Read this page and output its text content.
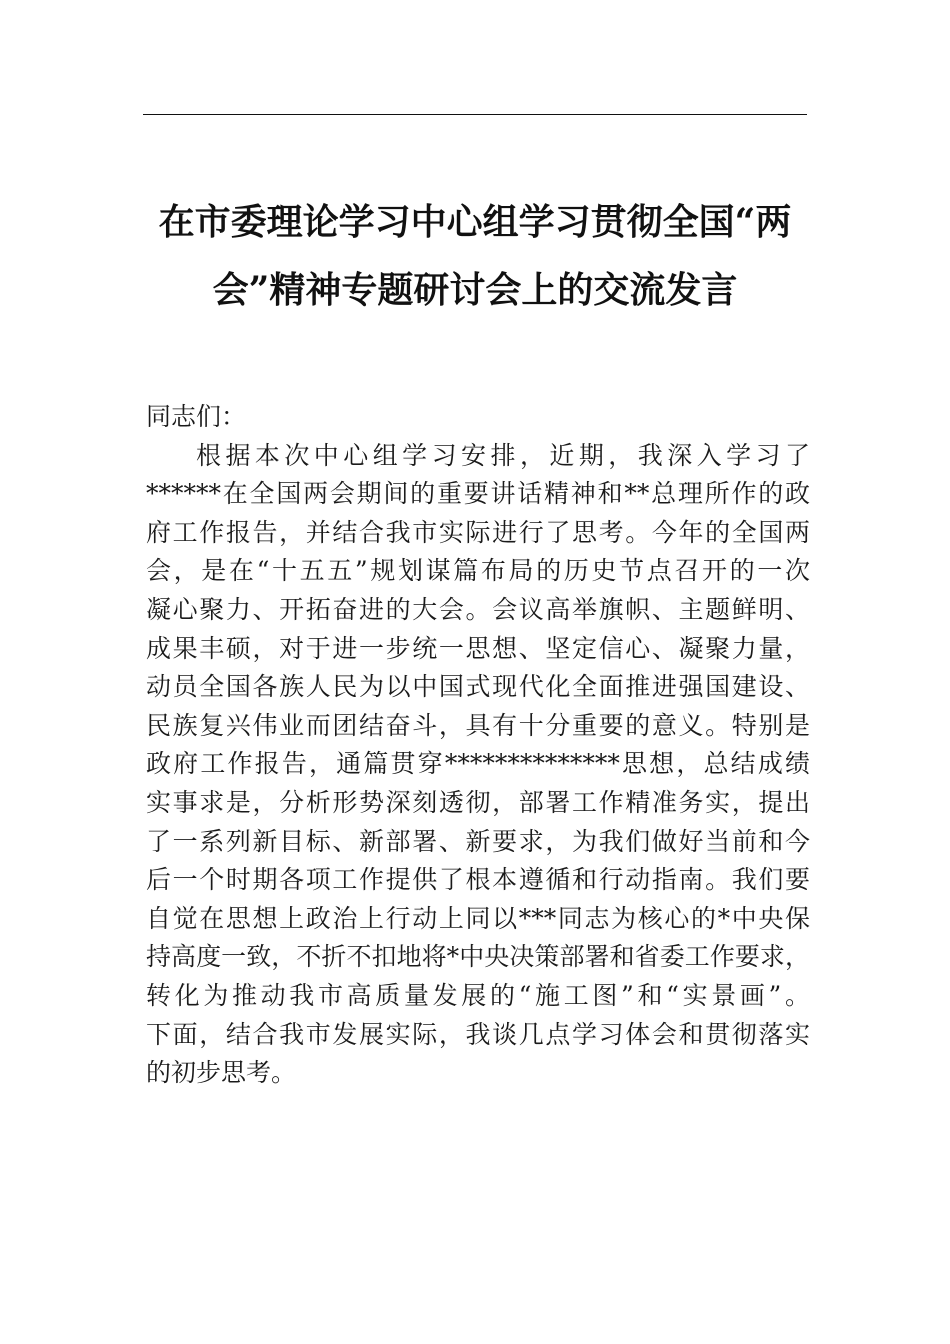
在市委理论学习中心组学习贯彻全国“两
会”精神专题研讨会上的交流发言

同志们：

根据本次中心组学习安排，近期，我深入学习了
******在全国两会期间的重要讲话精神和**总理所作的政
府工作报告，并结合我市实际进行了思考。今年的全国两
会，是在“十五五”规划谋篇布局的历史节点召开的一次
凝心聚力、开拓奋进的大会。会议高举旗帜、主题鲜明、
成果丰硕，对于进一步统一思想、坚定信心、凝聚力量，
动员全国各族人民为以中国式现代化全面推进强国建设、
民族复兴伟业而团结奋斗，具有十分重要的意义。特别是
政府工作报告，通篇贯穿**************思想，总结成绩
实事求是，分析形势深刻透彻，部署工作精准务实，提出
了一系列新目标、新部署、新要求，为我们做好当前和今
后一个时期各项工作提供了根本遵循和行动指南。我们要
自觉在思想上政治上行动上同以***同志为核心的*中央保
持高度一致，不折不扣地将*中央决策部署和省委工作要求，
转化为推动我市高质量发展的“施工图”和“实景画”。
下面，结合我市发展实际，我谈几点学习体会和贯彻落实
的初步思考。
